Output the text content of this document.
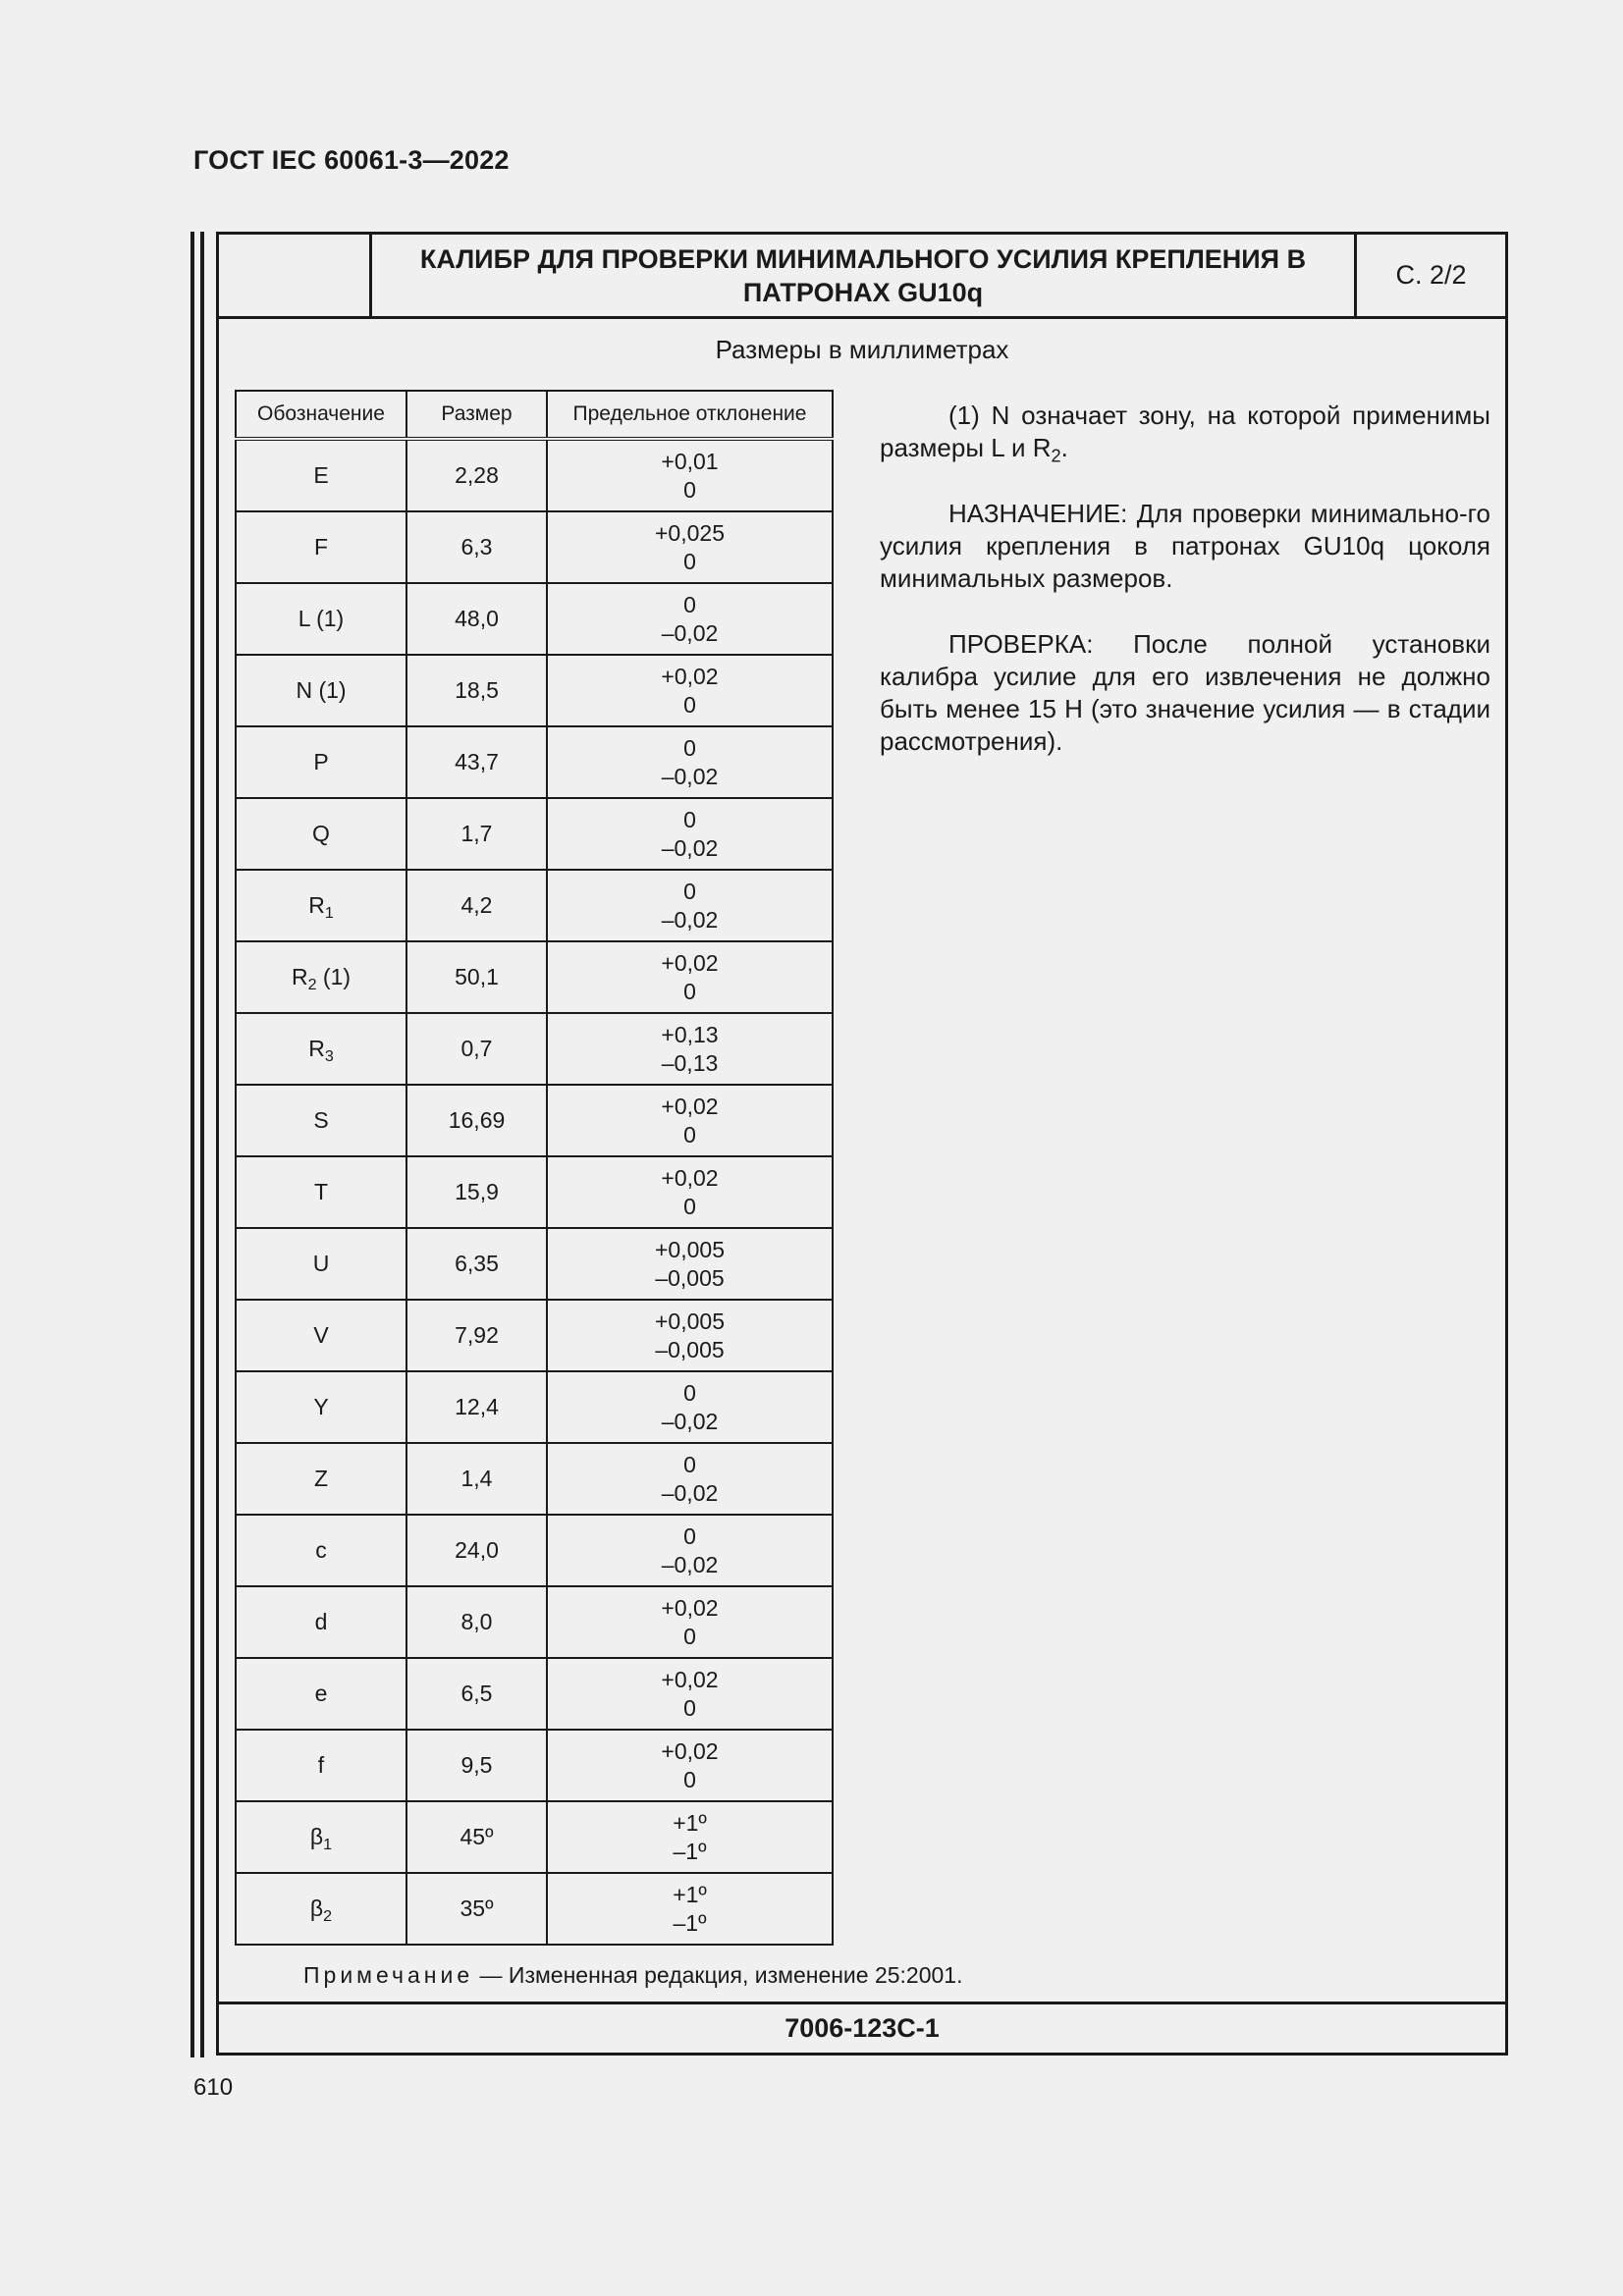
ГОСТ IEC 60061-3—2022
КАЛИБР ДЛЯ ПРОВЕРКИ МИНИМАЛЬНОГО УСИЛИЯ КРЕПЛЕНИЯ В ПАТРОНАХ GU10q
С. 2/2
Размеры в миллиметрах
Обозначение	Размер	Предельное отклонение
E	2,28	+0,01
0

F	6,3	+0,025
0

L (1)	48,0	0
–0,02

N (1)	18,5	+0,02
0

P	43,7	0
–0,02

Q	1,7	0
–0,02

$R_1$	4,2	0
–0,02

$R_2$ (1)	50,1	+0,02
0

$R_3$	0,7	+0,13
–0,13

S	16,69	+0,02
0

T	15,9	+0,02
0

U	6,35	+0,005
–0,005

V	7,92	+0,005
–0,005

Y	12,4	0
–0,02

Z	1,4	0
–0,02

c	24,0	0
–0,02

d	8,0	+0,02
0

e	6,5	+0,02
0

f	9,5	+0,02
0

$\beta_1$	45º	+1º
–1º

$\beta_2$	35º	+1º
–1º

(1) N означает зону, на которой применимы размеры L и $R_2$.

НАЗНАЧЕНИЕ: Для проверки минимально-го усилия крепления в патронах GU10q цоколя минимальных размеров.

ПРОВЕРКА: После полной установки калибра усилие для его извлечения не должно быть менее 15 Н (это значение усилия — в стадии рассмотрения).

Примечание — Измененная редакция, изменение 25:2001.
7006-123C-1
610
